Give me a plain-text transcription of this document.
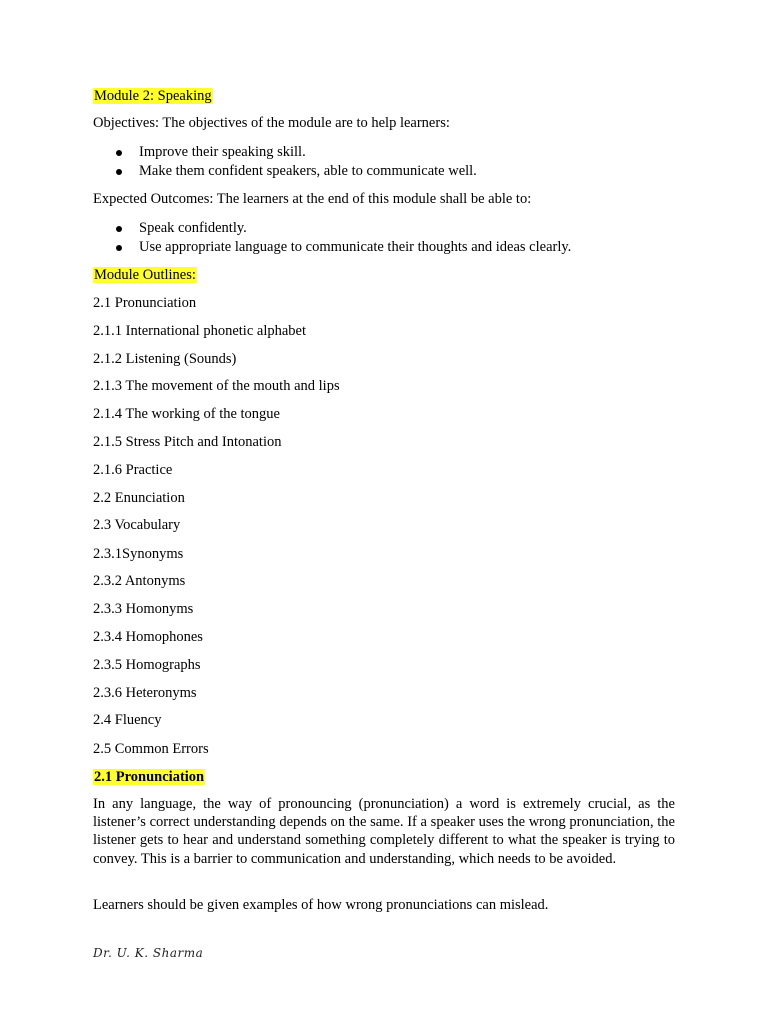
Module 2: Speaking
Objectives: The objectives of the module are to help learners:
Improve their speaking skill.
Make them confident speakers, able to communicate well.
Expected Outcomes: The learners at the end of this module shall be able to:
Speak confidently.
Use appropriate language to communicate their thoughts and ideas clearly.
Module Outlines:
2.1 Pronunciation
2.1.1 International phonetic alphabet
2.1.2 Listening (Sounds)
2.1.3 The movement of the mouth and lips
2.1.4 The working of the tongue
2.1.5 Stress Pitch and Intonation
2.1.6 Practice
2.2 Enunciation
2.3 Vocabulary
2.3.1Synonyms
2.3.2 Antonyms
2.3.3 Homonyms
2.3.4 Homophones
2.3.5 Homographs
2.3.6 Heteronyms
2.4 Fluency
2.5 Common Errors
2.1 Pronunciation
In any language, the way of pronouncing (pronunciation) a word is extremely crucial, as the listener’s correct understanding depends on the same. If a speaker uses the wrong pronunciation, the listener gets to hear and understand something completely different to what the speaker is trying to convey. This is a barrier to communication and understanding, which needs to be avoided.
Learners should be given examples of how wrong pronunciations can mislead.
Dr. U. K. Sharma
